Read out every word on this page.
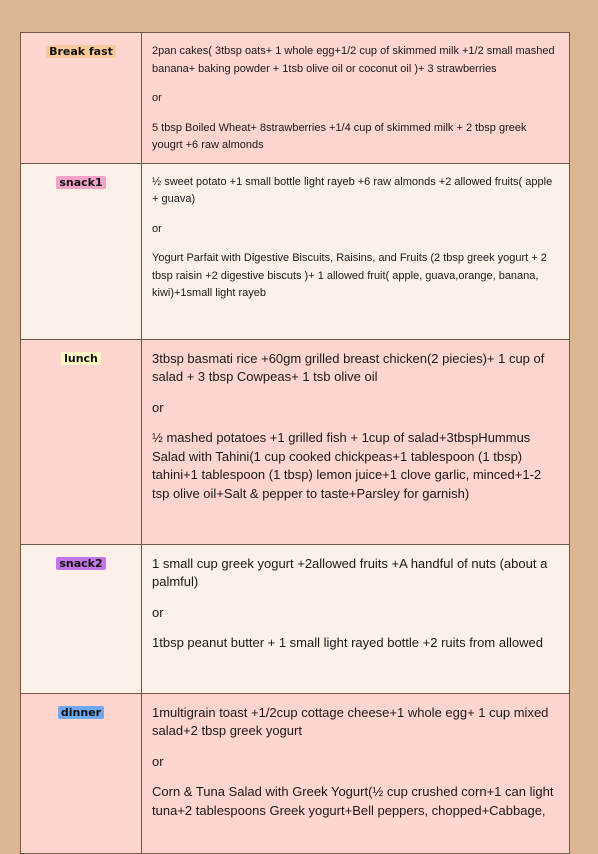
Break fast	2pan cakes( 3tbsp oats+ 1 whole egg+1/2 cup of skimmed milk +1/2 small mashed banana+ baking powder + 1tsb olive oil or coconut oil )+ 3 strawberries

or

5 tbsp Boiled Wheat+ 8strawberries +1/4 cup of skimmed milk + 2 tbsp greek yougrt +6 raw almonds

snack1	½ sweet potato +1 small bottle light rayeb +6 raw almonds +2 allowed fruits( apple + guava)

or

Yogurt Parfait with Digestive Biscuits, Raisins, and Fruits (2 tbsp greek yogurt + 2 tbsp raisin +2 digestive biscuts )+ 1 allowed fruit( apple, guava,orange, banana, kiwi)+1small light rayeb

lunch	3tbsp basmati rice +60gm grilled breast chicken(2 piecies)+ 1 cup of salad + 3 tbsp Cowpeas+ 1 tsb olive oil

or

½ mashed potatoes +1 grilled fish + 1cup of salad+3tbspHummus Salad with Tahini(1 cup cooked chickpeas+1 tablespoon (1 tbsp) tahini+1 tablespoon (1 tbsp) lemon juice+1 clove garlic, minced+1-2 tsp olive oil+Salt & pepper to taste+Parsley for garnish)

snack2	1 small cup greek yogurt +2allowed fruits +A handful of nuts (about a palmful)

or

1tbsp peanut butter + 1 small light rayed bottle +2 ruits from allowed

dinner	1multigrain toast +1/2cup cottage cheese+1 whole egg+ 1 cup mixed salad+2 tbsp greek yogurt

or

Corn & Tuna Salad with Greek Yogurt(½ cup crushed corn+1 can light tuna+2 tablespoons Greek yogurt+Bell peppers, chopped+Cabbage,
